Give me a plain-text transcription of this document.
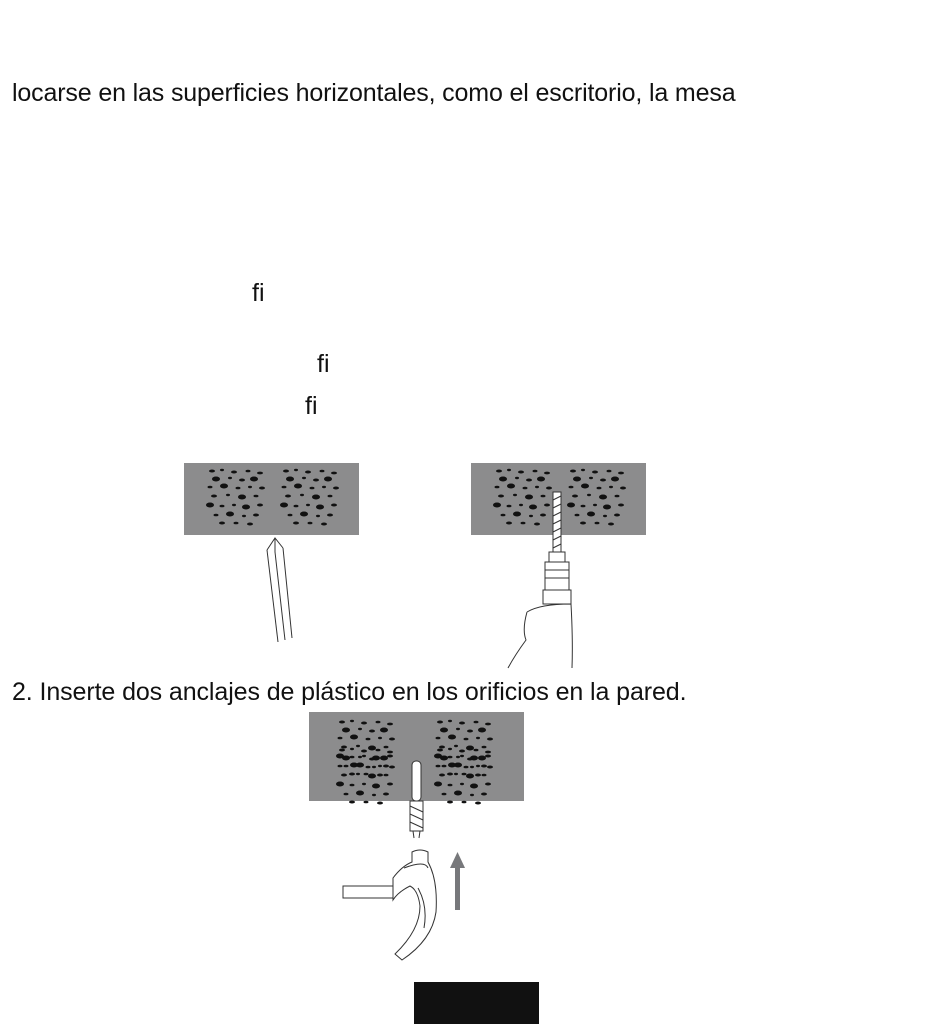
locarse en las superficies horizontales, como el escritorio, la mesa
fi
fi
fi
2. Inserte dos anclajes de plástico en los orificios en la pared.
